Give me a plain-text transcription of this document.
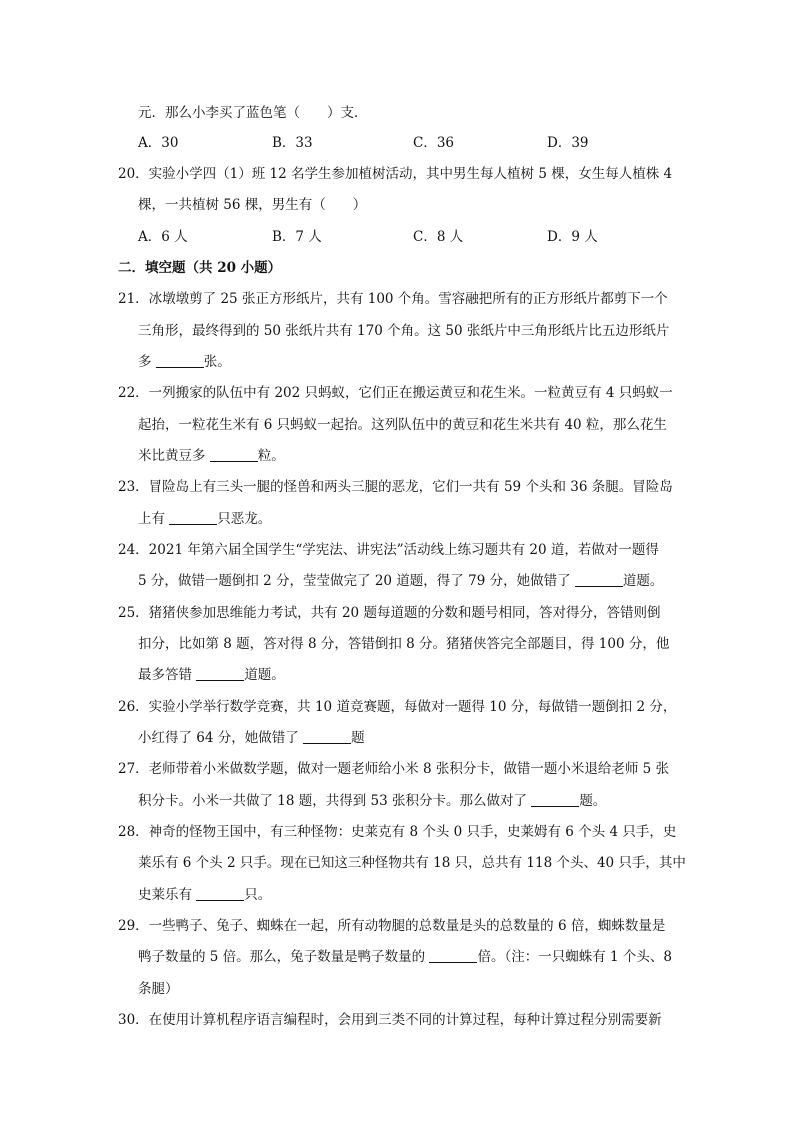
元．那么小李买了蓝色笔（　　）支．
A．30	B．33	C．36	D．39
20．实验小学四（1）班 12 名学生参加植树活动，其中男生每人植树 5 棵，女生每人植株 4
棵，一共植树 56 棵，男生有（　　）
A．6 人	B．7 人	C．8 人	D．9 人
二．填空题（共 20 小题）
21．冰墩墩剪了 25 张正方形纸片，共有 100 个角。雪容融把所有的正方形纸片都剪下一个
三角形，最终得到的 50 张纸片共有 170 个角。这 50 张纸片中三角形纸片比五边形纸片
多	张。
22．一列搬家的队伍中有 202 只蚂蚁，它们正在搬运黄豆和花生米。一粒黄豆有 4 只蚂蚁一
起抬，一粒花生米有 6 只蚂蚁一起抬。这列队伍中的黄豆和花生米共有 40 粒，那么花生
米比黄豆多	粒。
23．冒险岛上有三头一腿的怪兽和两头三腿的恶龙，它们一共有 59 个头和 36 条腿。冒险岛
上有	只恶龙。
24．2021 年第六届全国学生“学宪法、讲宪法”活动线上练习题共有 20 道，若做对一题得
5 分，做错一题倒扣 2 分，莹莹做完了 20 道题，得了 79 分，她做错了	道题。
25．猪猪侠参加思维能力考试，共有 20 题每道题的分数和题号相同，答对得分，答错则倒
扣分，比如第 8 题，答对得 8 分，答错倒扣 8 分。猪猪侠答完全部题目，得 100 分，他
最多答错	道题。
26．实验小学举行数学竞赛，共 10 道竞赛题，每做对一题得 10 分，每做错一题倒扣 2 分，
小红得了 64 分，她做错了	题
27．老师带着小米做数学题，做对一题老师给小米 8 张积分卡，做错一题小米退给老师 5 张
积分卡。小米一共做了 18 题，共得到 53 张积分卡。那么做对了	题。
28．神奇的怪物王国中，有三种怪物：史莱克有 8 个头 0 只手，史莱姆有 6 个头 4 只手，史
莱乐有 6 个头 2 只手。现在已知这三种怪物共有 18 只，总共有 118 个头、40 只手，其中
史莱乐有	只。
29．一些鸭子、兔子、蜘蛛在一起，所有动物腿的总数量是头的总数量的 6 倍，蜘蛛数量是
鸭子数量的 5 倍。那么，兔子数量是鸭子数量的	倍。（注：一只蜘蛛有 1 个头、8
条腿）
30．在使用计算机程序语言编程时，会用到三类不同的计算过程，每种计算过程分别需要新
